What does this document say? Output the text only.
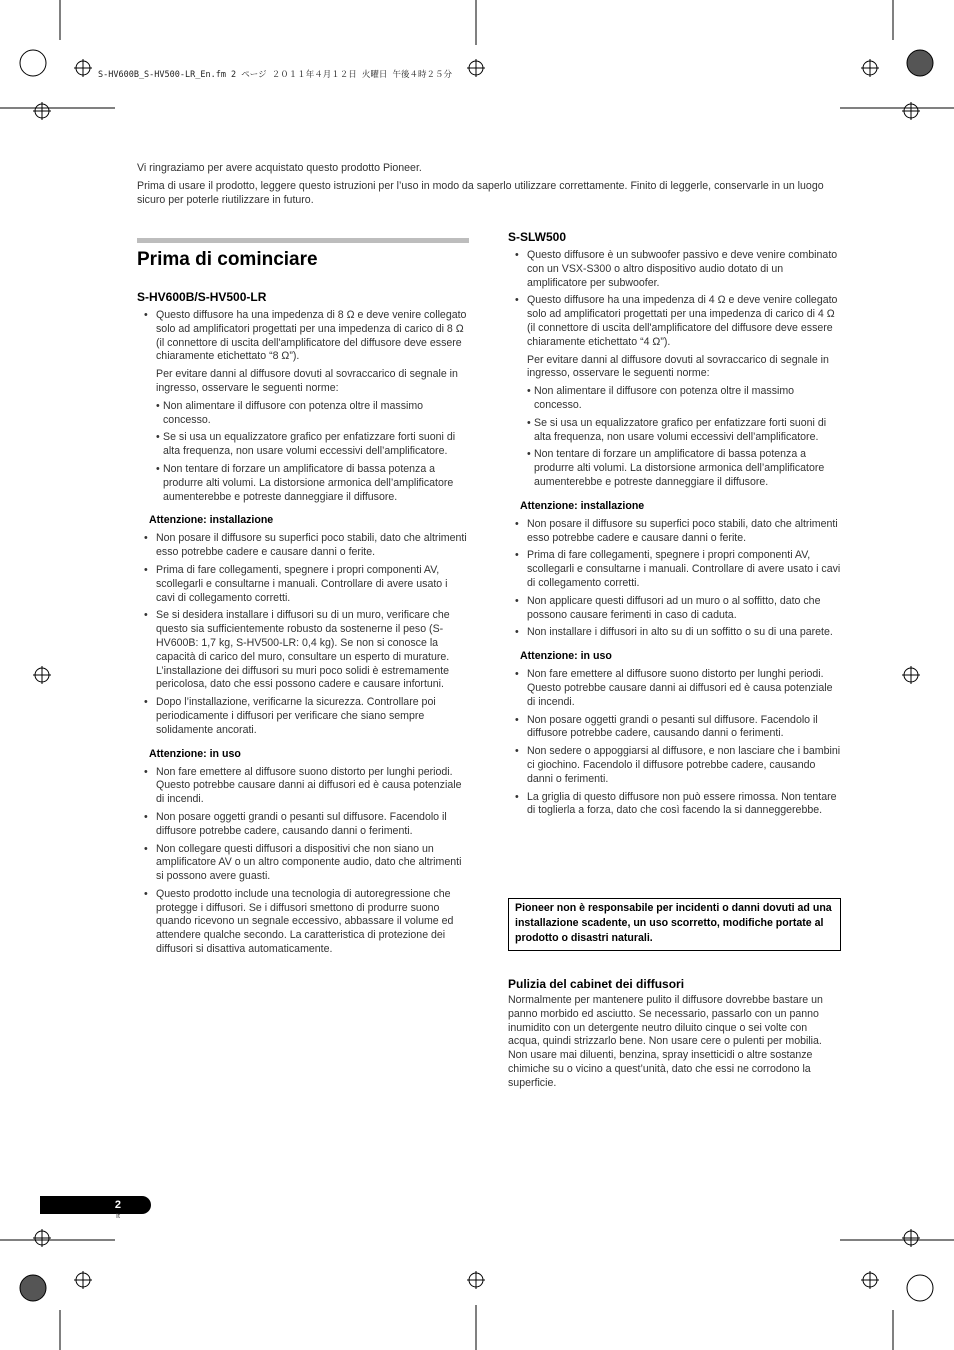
S-HV600B_S-HV500-LR_En.fm 2 ページ ２０１１年４月１２日 火曜日 午後４時２５分

Vi ringraziamo per avere acquistato questo prodotto Pioneer.

Prima di usare il prodotto, leggere questo istruzioni per l’uso in modo da saperlo utilizzare correttamente. Finito di leggerle, conservarle in un luogo sicuro per poterle riutilizzare in futuro.

Prima di cominciare
S-HV600B/S-HV500-LR
• Questo diffusore ha una impedenza di 8 Ω e deve venire collegato solo ad amplificatori progettati per una impedenza di carico di 8 Ω (il connettore di uscita dell'amplificatore del diffusore deve essere chiaramente etichettato “8 Ω”).
Per evitare danni al diffusore dovuti al sovraccarico di segnale in ingresso, osservare le seguenti norme:
• Non alimentare il diffusore con potenza oltre il massimo concesso.
• Se si usa un equalizzatore grafico per enfatizzare forti suoni di alta frequenza, non usare volumi eccessivi dell’amplificatore.
• Non tentare di forzare un amplificatore di bassa potenza a produrre alti volumi. La distorsione armonica dell’amplificatore aumenterebbe e potreste danneggiare il diffusore.
Attenzione: installazione
• Non posare il diffusore su superfici poco stabili, dato che altrimenti esso potrebbe cadere e causare danni o ferite.
• Prima di fare collegamenti, spegnere i propri componenti AV, scollegarli e consultarne i manuali. Controllare di avere usato i cavi di collegamento corretti.
• Se si desidera installare i diffusori su di un muro, verificare che questo sia sufficientemente robusto da sostenerne il peso (S-HV600B: 1,7 kg, S-HV500-LR: 0,4 kg). Se non si conosce la capacità di carico del muro, consultare un esperto di murature. L’installazione dei diffusori su muri poco solidi è estremamente pericolosa, dato che essi possono cadere e causare infortuni.
• Dopo l’installazione, verificarne la sicurezza. Controllare poi periodicamente i diffusori per verificare che siano sempre solidamente ancorati.
Attenzione: in uso
• Non fare emettere al diffusore suono distorto per lunghi periodi. Questo potrebbe causare danni ai diffusori ed è causa potenziale di incendi.
• Non posare oggetti grandi o pesanti sul diffusore. Facendolo il diffusore potrebbe cadere, causando danni o ferimenti.
• Non collegare questi diffusori a dispositivi che non siano un amplificatore AV o un altro componente audio, dato che altrimenti si possono avere guasti.
• Questo prodotto include una tecnologia di autoregressione che protegge i diffusori. Se i diffusori smettono di produrre suono quando ricevono un segnale eccessivo, abbassare il volume ed attendere qualche secondo. La caratteristica di protezione dei diffusori si disattiva automaticamente.
S-SLW500
• Questo diffusore è un subwoofer passivo e deve venire combinato con un VSX-S300 o altro dispositivo audio dotato di un amplificatore per subwoofer.
• Questo diffusore ha una impedenza di 4 Ω e deve venire collegato solo ad amplificatori progettati per una impedenza di carico di 4 Ω (il connettore di uscita dell'amplificatore del diffusore deve essere chiaramente etichettato “4 Ω”).
Per evitare danni al diffusore dovuti al sovraccarico di segnale in ingresso, osservare le seguenti norme:
• Non alimentare il diffusore con potenza oltre il massimo concesso.
• Se si usa un equalizzatore grafico per enfatizzare forti suoni di alta frequenza, non usare volumi eccessivi dell’amplificatore.
• Non tentare di forzare un amplificatore di bassa potenza a produrre alti volumi. La distorsione armonica dell’amplificatore aumenterebbe e potreste danneggiare il diffusore.
Attenzione: installazione
• Non posare il diffusore su superfici poco stabili, dato che altrimenti esso potrebbe cadere e causare danni o ferite.
• Prima di fare collegamenti, spegnere i propri componenti AV, scollegarli e consultarne i manuali. Controllare di avere usato i cavi di collegamento corretti.
• Non applicare questi diffusori ad un muro o al soffitto, dato che possono causare ferimenti in caso di caduta.
• Non installare i diffusori in alto su di un soffitto o su di una parete.
Attenzione: in uso
• Non fare emettere al diffusore suono distorto per lunghi periodi. Questo potrebbe causare danni ai diffusori ed è causa potenziale di incendi.
• Non posare oggetti grandi o pesanti sul diffusore. Facendolo il diffusore potrebbe cadere, causando danni o ferimenti.
• Non sedere o appoggiarsi al diffusore, e non lasciare che i bambini ci giochino. Facendolo il diffusore potrebbe cadere, causando danni o ferimenti.
• La griglia di questo diffusore non può essere rimossa. Non tentare di toglierla a forza, dato che così facendo la si danneggerebbe.
Pioneer non è responsabile per incidenti o danni dovuti ad una installazione scadente, un uso scorretto, modifiche portate al prodotto o disastri naturali.
Pulizia del cabinet dei diffusori

Normalmente per mantenere pulito il diffusore dovrebbe bastare un panno morbido ed asciutto. Se necessario, passarlo con un panno inumidito con un detergente neutro diluito cinque o sei volte con acqua, quindi strizzarlo bene. Non usare cere o pulenti per mobilia.

Non usare mai diluenti, benzina, spray insetticidi o altre sostanze chimiche su o vicino a quest’unità, dato che essi ne corrodono la superficie.

2
It
